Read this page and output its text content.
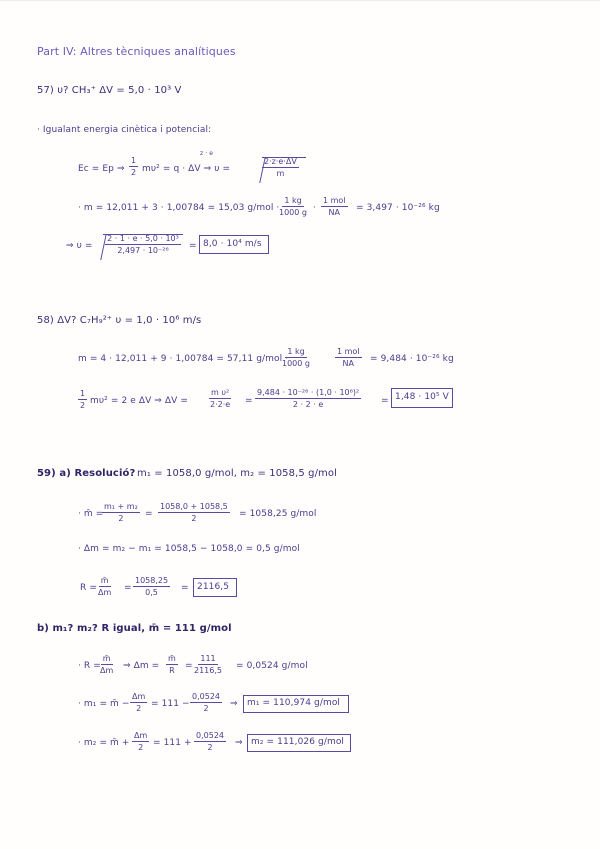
Part IV: Altres tècniques analítiques
57) υ? CH₃⁺ ΔV = 5,0 · 10³ V
· Igualant energia cinètica i potencial:
Ec = Ep ⇒ $\frac{1}{2} m\upsilon^2 = q \cdot \Delta V$ ⇒ υ =
z · e
$\frac{2\cdot z\cdot e\cdot\Delta V}{m}$
· m = 12,011 + 3 · 1,00784 = 15,03 $g/mol \cdot \frac{1 kg}{1000 g}$ ·
1 mol
NA = 3,497 · 10⁻²⁶ kg
⇒ $\upsilon = \frac{\text{2 · 1 · e · 5,0 · 10³}}{\text{2,497 · 10⁻²⁶}} = 8,0 \cdot 10^4$ m/s
58) ΔV? C₇H₉²⁺ υ = 1,0 · 10⁶ m/s
m = 4 · 12,011 + 9 · 1,00784 = 57,11 g/mol ·
$\frac{1 kg}{1000 g}$	1 mol
NA = 9,484 · 10⁻²⁶ kg
$\frac{1}{2} m\upsilon^2 = 2$ e ΔV ⇒ ΔV =	$\frac{\text{m υ²}}{2\cdot 2\cdot e} = \frac{\text{9,484 · 10⁻²⁶ · (1,0 · 10⁶)²}}{2 \cdot 2 \cdot e} = 1,48 \cdot 10^5$ V
59) a) Resolució? m₁ = 1058,0 g/mol, m₂ = 1058,5 g/mol
· m̄ =
$\frac{\text{m₁ + m₂}}{2} = \frac{1058,0 + 1058,5}{2} = 1058,25$ g/mol
· Δm = m₂ − m₁ = 1058,5 − 1058,0 = 0,5 g/mol
$R = \frac{m̄}{\Delta m} = \frac{1058,25}{0,5} = 2116,5$
b) m₁? m₂? R igual, m̄ = 111 g/mol
· $R = \frac{m̄}{\Delta m}$ ⇒ $\Delta m = \frac{m̄}{R} = \frac{111}{2116,5} = 0,0524$ g/mol
· m₁ = m̄ − $\frac{\Delta m}{2} = 111 - \frac{0,0524}{2}$ ⇒ m₁ = 110,974 g/mol
· m₂ = m̄ + $\frac{\Delta m}{2} = 111 + \frac{0,0524}{2}$ ⇒ m₂ = 111,026 g/mol
